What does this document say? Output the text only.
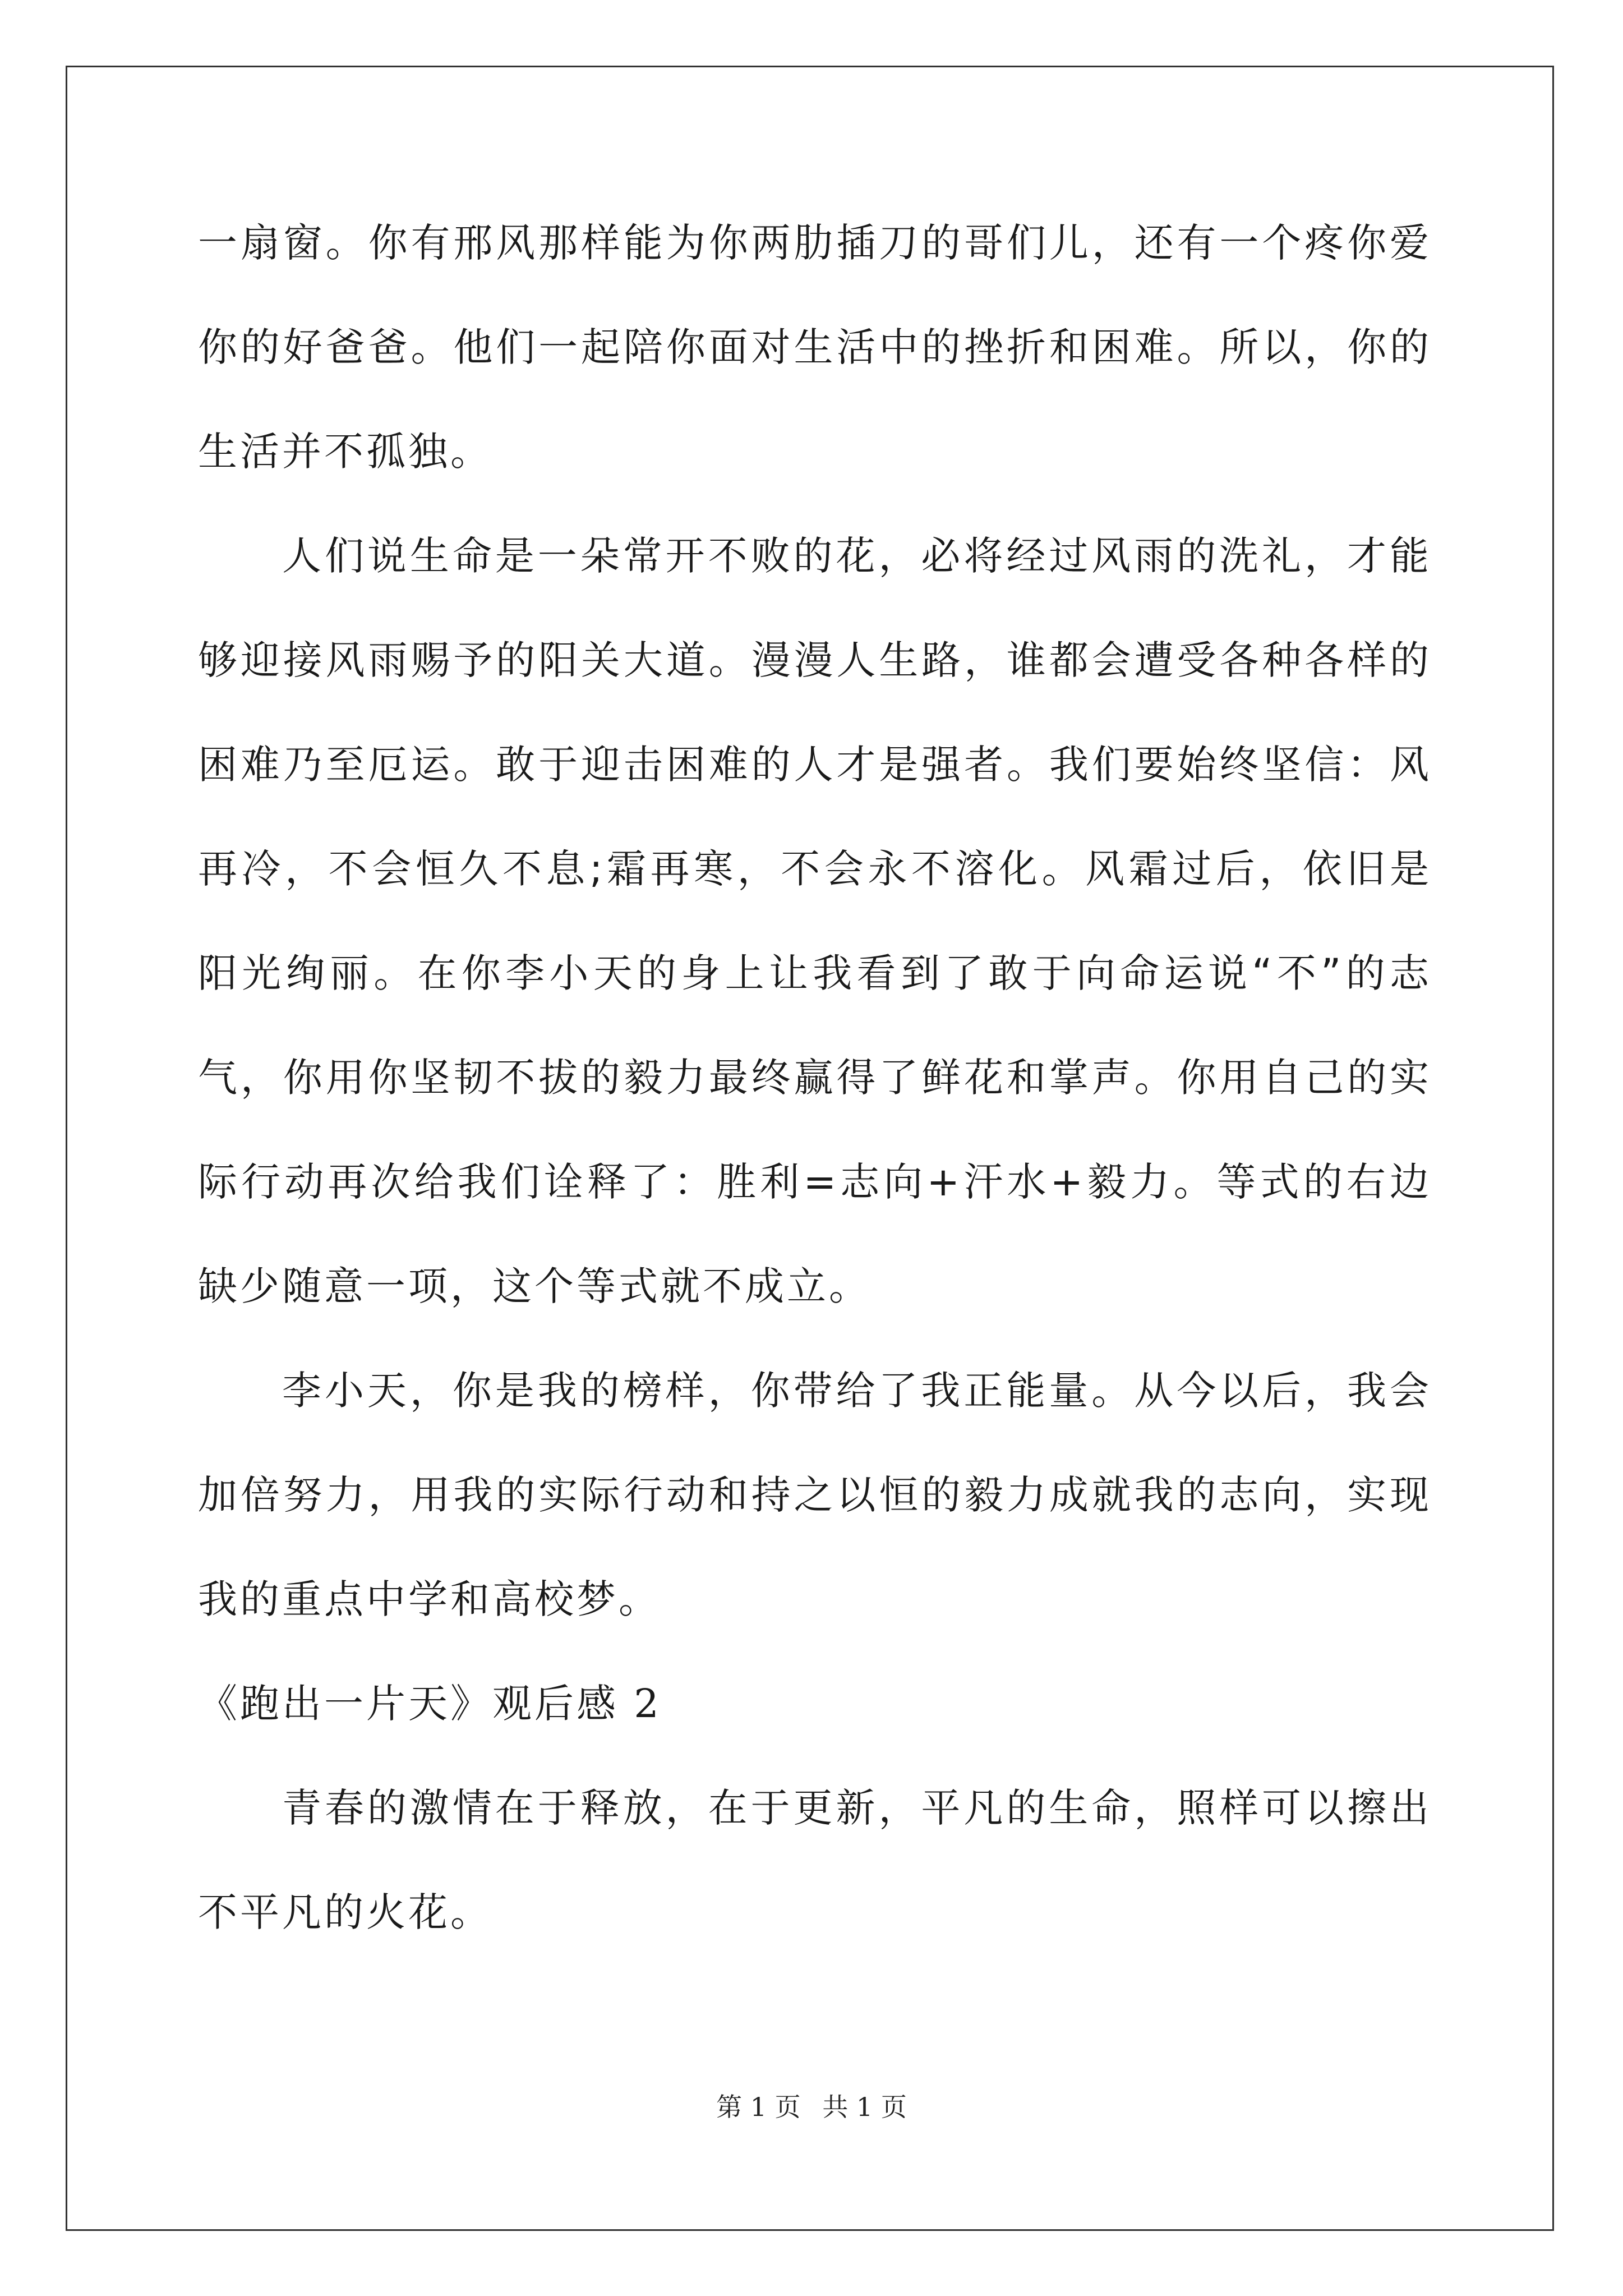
一扇窗。你有邢风那样能为你两肋插刀的哥们儿，还有一个疼你爱你的好爸爸。他们一起陪你面对生活中的挫折和困难。所以，你的生活并不孤独。

人们说生命是一朵常开不败的花，必将经过风雨的洗礼，才能够迎接风雨赐予的阳关大道。漫漫人生路，谁都会遭受各种各样的困难乃至厄运。敢于迎击困难的人才是强者。我们要始终坚信：风再冷，不会恒久不息;霜再寒，不会永不溶化。风霜过后，依旧是阳光绚丽。在你李小天的身上让我看到了敢于向命运说“不”的志气，你用你坚韧不拔的毅力最终赢得了鲜花和掌声。你用自己的实际行动再次给我们诠释了：胜利=志向+汗水+毅力。等式的右边缺少随意一项，这个等式就不成立。

李小天，你是我的榜样，你带给了我正能量。从今以后，我会加倍努力，用我的实际行动和持之以恒的毅力成就我的志向，实现我的重点中学和高校梦。

《跑出一片天》观后感 2

青春的激情在于释放，在于更新，平凡的生命，照样可以擦出不平凡的火花。

第 1 页 共 1 页
